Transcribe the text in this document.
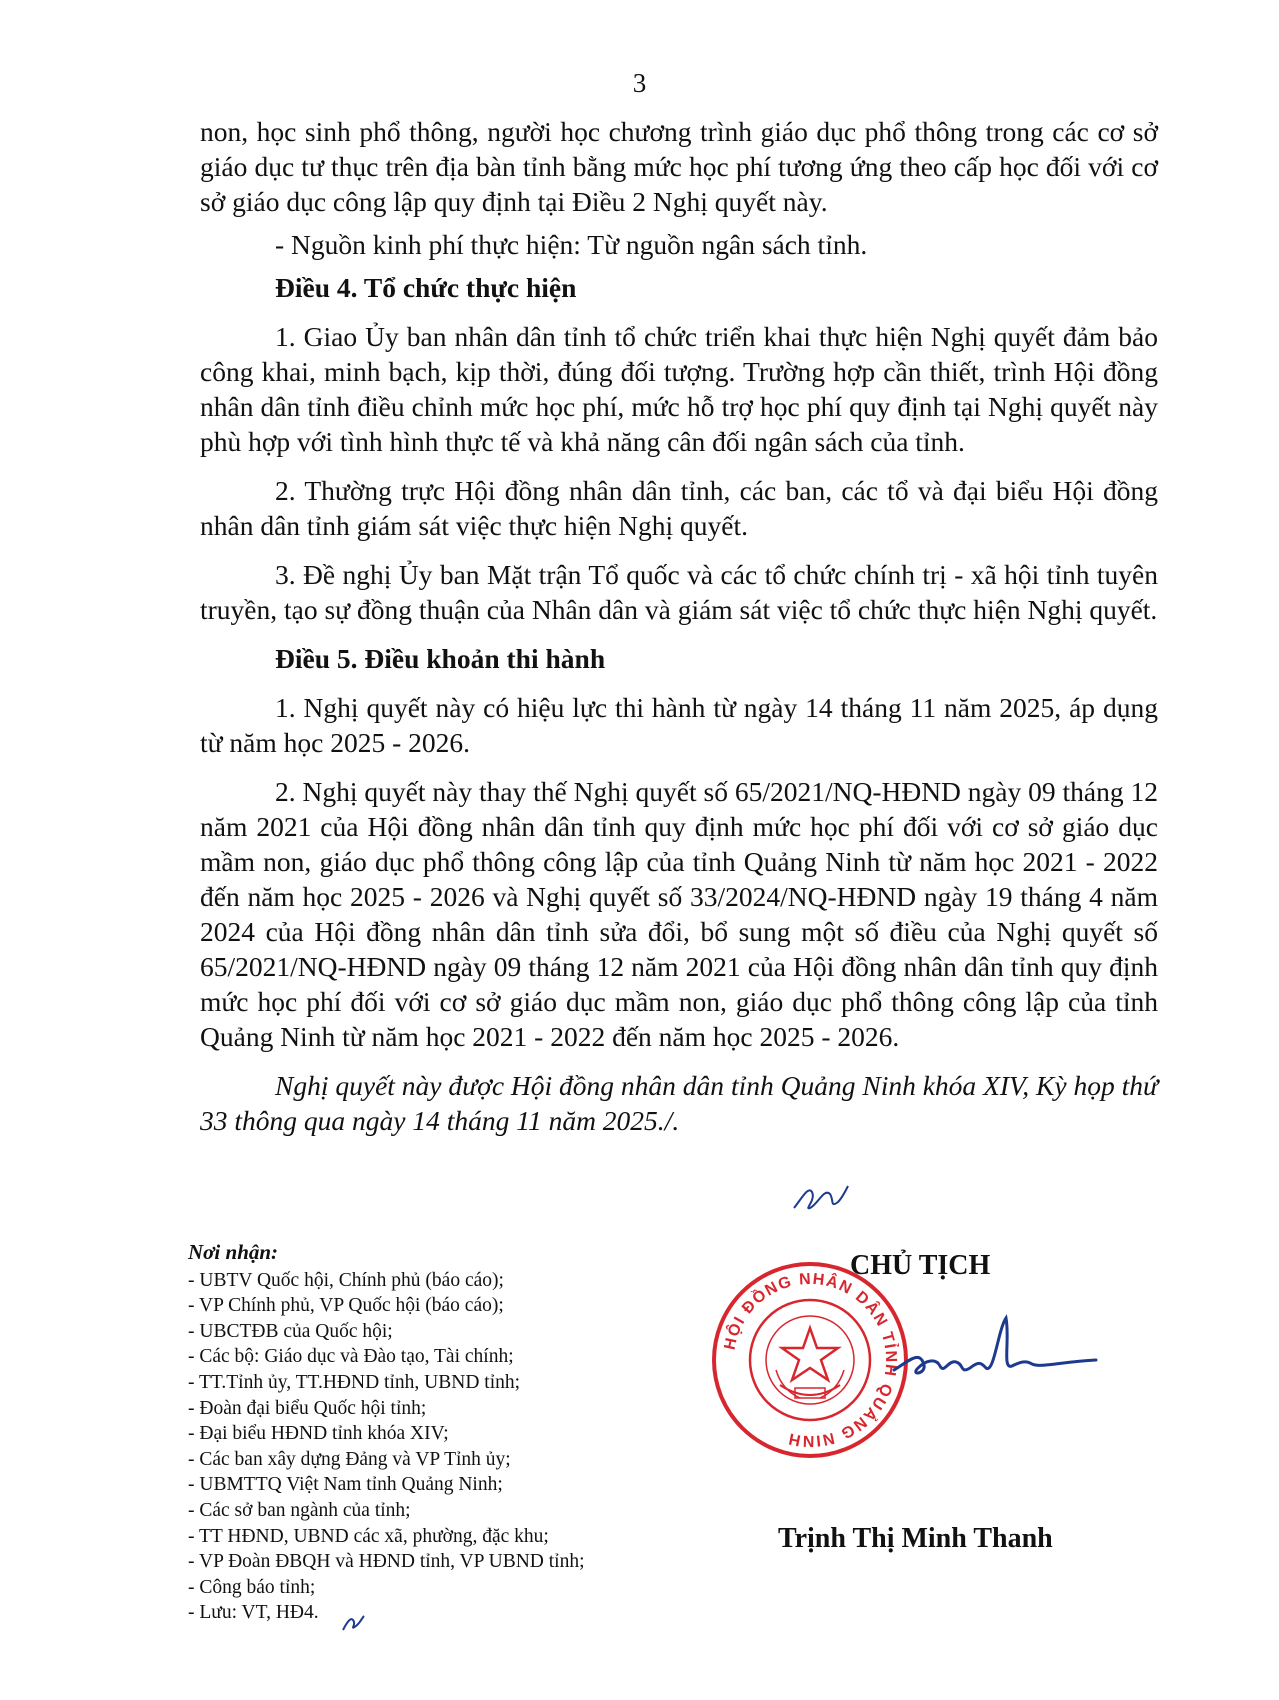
3

non, học sinh phổ thông, người học chương trình giáo dục phổ thông trong các cơ sở giáo dục tư thục trên địa bàn tỉnh bằng mức học phí tương ứng theo cấp học đối với cơ sở giáo dục công lập quy định tại Điều 2 Nghị quyết này.

- Nguồn kinh phí thực hiện: Từ nguồn ngân sách tỉnh.

Điều 4. Tổ chức thực hiện

1. Giao Ủy ban nhân dân tỉnh tổ chức triển khai thực hiện Nghị quyết đảm bảo công khai, minh bạch, kịp thời, đúng đối tượng. Trường hợp cần thiết, trình Hội đồng nhân dân tỉnh điều chỉnh mức học phí, mức hỗ trợ học phí quy định tại Nghị quyết này phù hợp với tình hình thực tế và khả năng cân đối ngân sách của tỉnh.

2. Thường trực Hội đồng nhân dân tỉnh, các ban, các tổ và đại biểu Hội đồng nhân dân tỉnh giám sát việc thực hiện Nghị quyết.

3. Đề nghị Ủy ban Mặt trận Tổ quốc và các tổ chức chính trị - xã hội tỉnh tuyên truyền, tạo sự đồng thuận của Nhân dân và giám sát việc tổ chức thực hiện Nghị quyết.

Điều 5. Điều khoản thi hành

1. Nghị quyết này có hiệu lực thi hành từ ngày 14 tháng 11 năm 2025, áp dụng từ năm học 2025 - 2026.

2. Nghị quyết này thay thế Nghị quyết số 65/2021/NQ-HĐND ngày 09 tháng 12 năm 2021 của Hội đồng nhân dân tỉnh quy định mức học phí đối với cơ sở giáo dục mầm non, giáo dục phổ thông công lập của tỉnh Quảng Ninh từ năm học 2021 - 2022 đến năm học 2025 - 2026 và Nghị quyết số 33/2024/NQ-HĐND ngày 19 tháng 4 năm 2024 của Hội đồng nhân dân tỉnh sửa đổi, bổ sung một số điều của Nghị quyết số 65/2021/NQ-HĐND ngày 09 tháng 12 năm 2021 của Hội đồng nhân dân tỉnh quy định mức học phí đối với cơ sở giáo dục mầm non, giáo dục phổ thông công lập của tỉnh Quảng Ninh từ năm học 2021 - 2022 đến năm học 2025 - 2026.

Nghị quyết này được Hội đồng nhân dân tỉnh Quảng Ninh khóa XIV, Kỳ họp thứ 33 thông qua ngày 14 tháng 11 năm 2025./.

Nơi nhận:
- UBTV Quốc hội, Chính phủ (báo cáo);
- VP Chính phủ, VP Quốc hội (báo cáo);
- UBCTĐB của Quốc hội;
- Các bộ: Giáo dục và Đào tạo, Tài chính;
- TT.Tỉnh ủy, TT.HĐND tỉnh, UBND tỉnh;
- Đoàn đại biểu Quốc hội tỉnh;
- Đại biểu HĐND tỉnh khóa XIV;
- Các ban xây dựng Đảng và VP Tỉnh ủy;
- UBMTTQ Việt Nam tỉnh Quảng Ninh;
- Các sở ban ngành của tỉnh;
- TT HĐND, UBND các xã, phường, đặc khu;
- VP Đoàn ĐBQH và HĐND tỉnh, VP UBND tỉnh;
- Công báo tỉnh;
- Lưu: VT, HĐ4.
CHỦ TỊCH
HỘI ĐỒNG NHÂN DÂN TỈNH QUẢNG NINH
Trịnh Thị Minh Thanh
